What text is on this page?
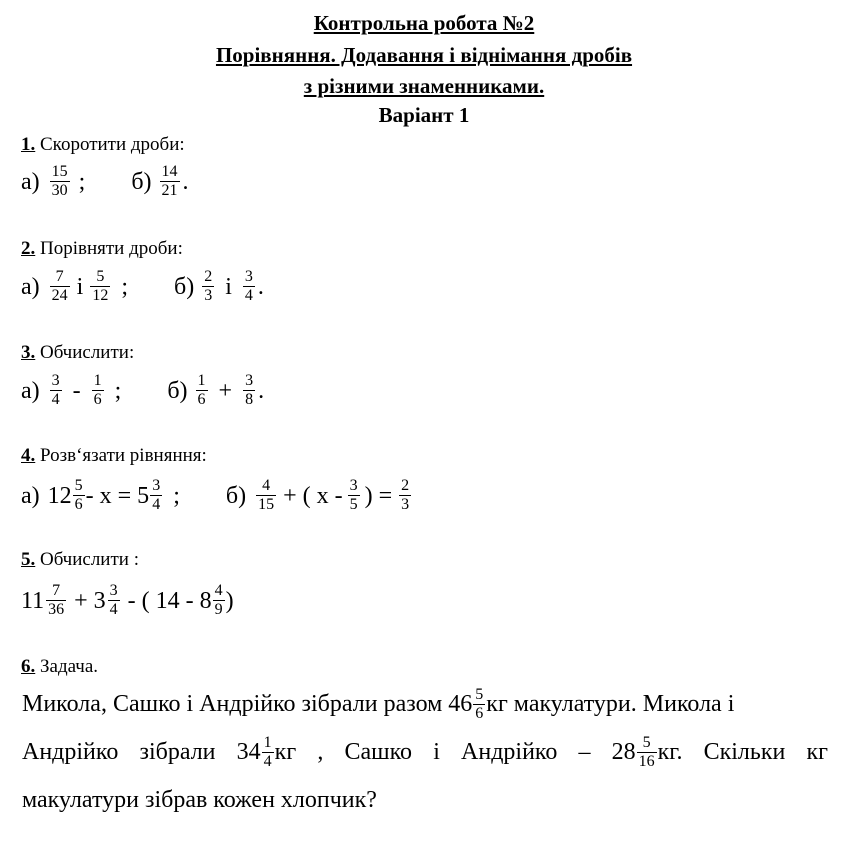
Контрольна робота №2
Порівняння. Додавання і віднімання дробів
з різними знаменниками.
Варіант 1
1. Скоротити дроби:
$а) \frac{15}{30}$ ; $б) \frac{14}{21}$ .
2. Порівняти дроби:
$а) \frac{7}{24}$ і $\frac{5}{12}$ ; $б) \frac{2}{3}$ і $\frac{3}{4}$ .
3. Обчислити:
$а) \frac{3}{4} - \frac{1}{6}$ ; $б) \frac{1}{6} + \frac{3}{8}$ .
4. Розв‘язати рівняння:
а) $12 \frac{5}{6} - x = 5 \frac{3}{4}$ ; $б) \frac{4}{15}$ + ( x - $\frac{3}{5}$ ) = $\frac{2}{3}$
5. Обчислити :
$11 \frac{7}{36} + 3 \frac{3}{4}$ - ( $14 - 8 \frac{4}{9}$ )
6. Задача.
Микола, Сашко і Андрійко зібрали разом $46 \frac{5}{6}$ кг макулатури. Микола і
Андрійко зібрали $34 \frac{1}{4}$ кг , Сашко і Андрійко – $28 \frac{5}{16}$ кг. Скільки кг
макулатури зібрав кожен хлопчик?
